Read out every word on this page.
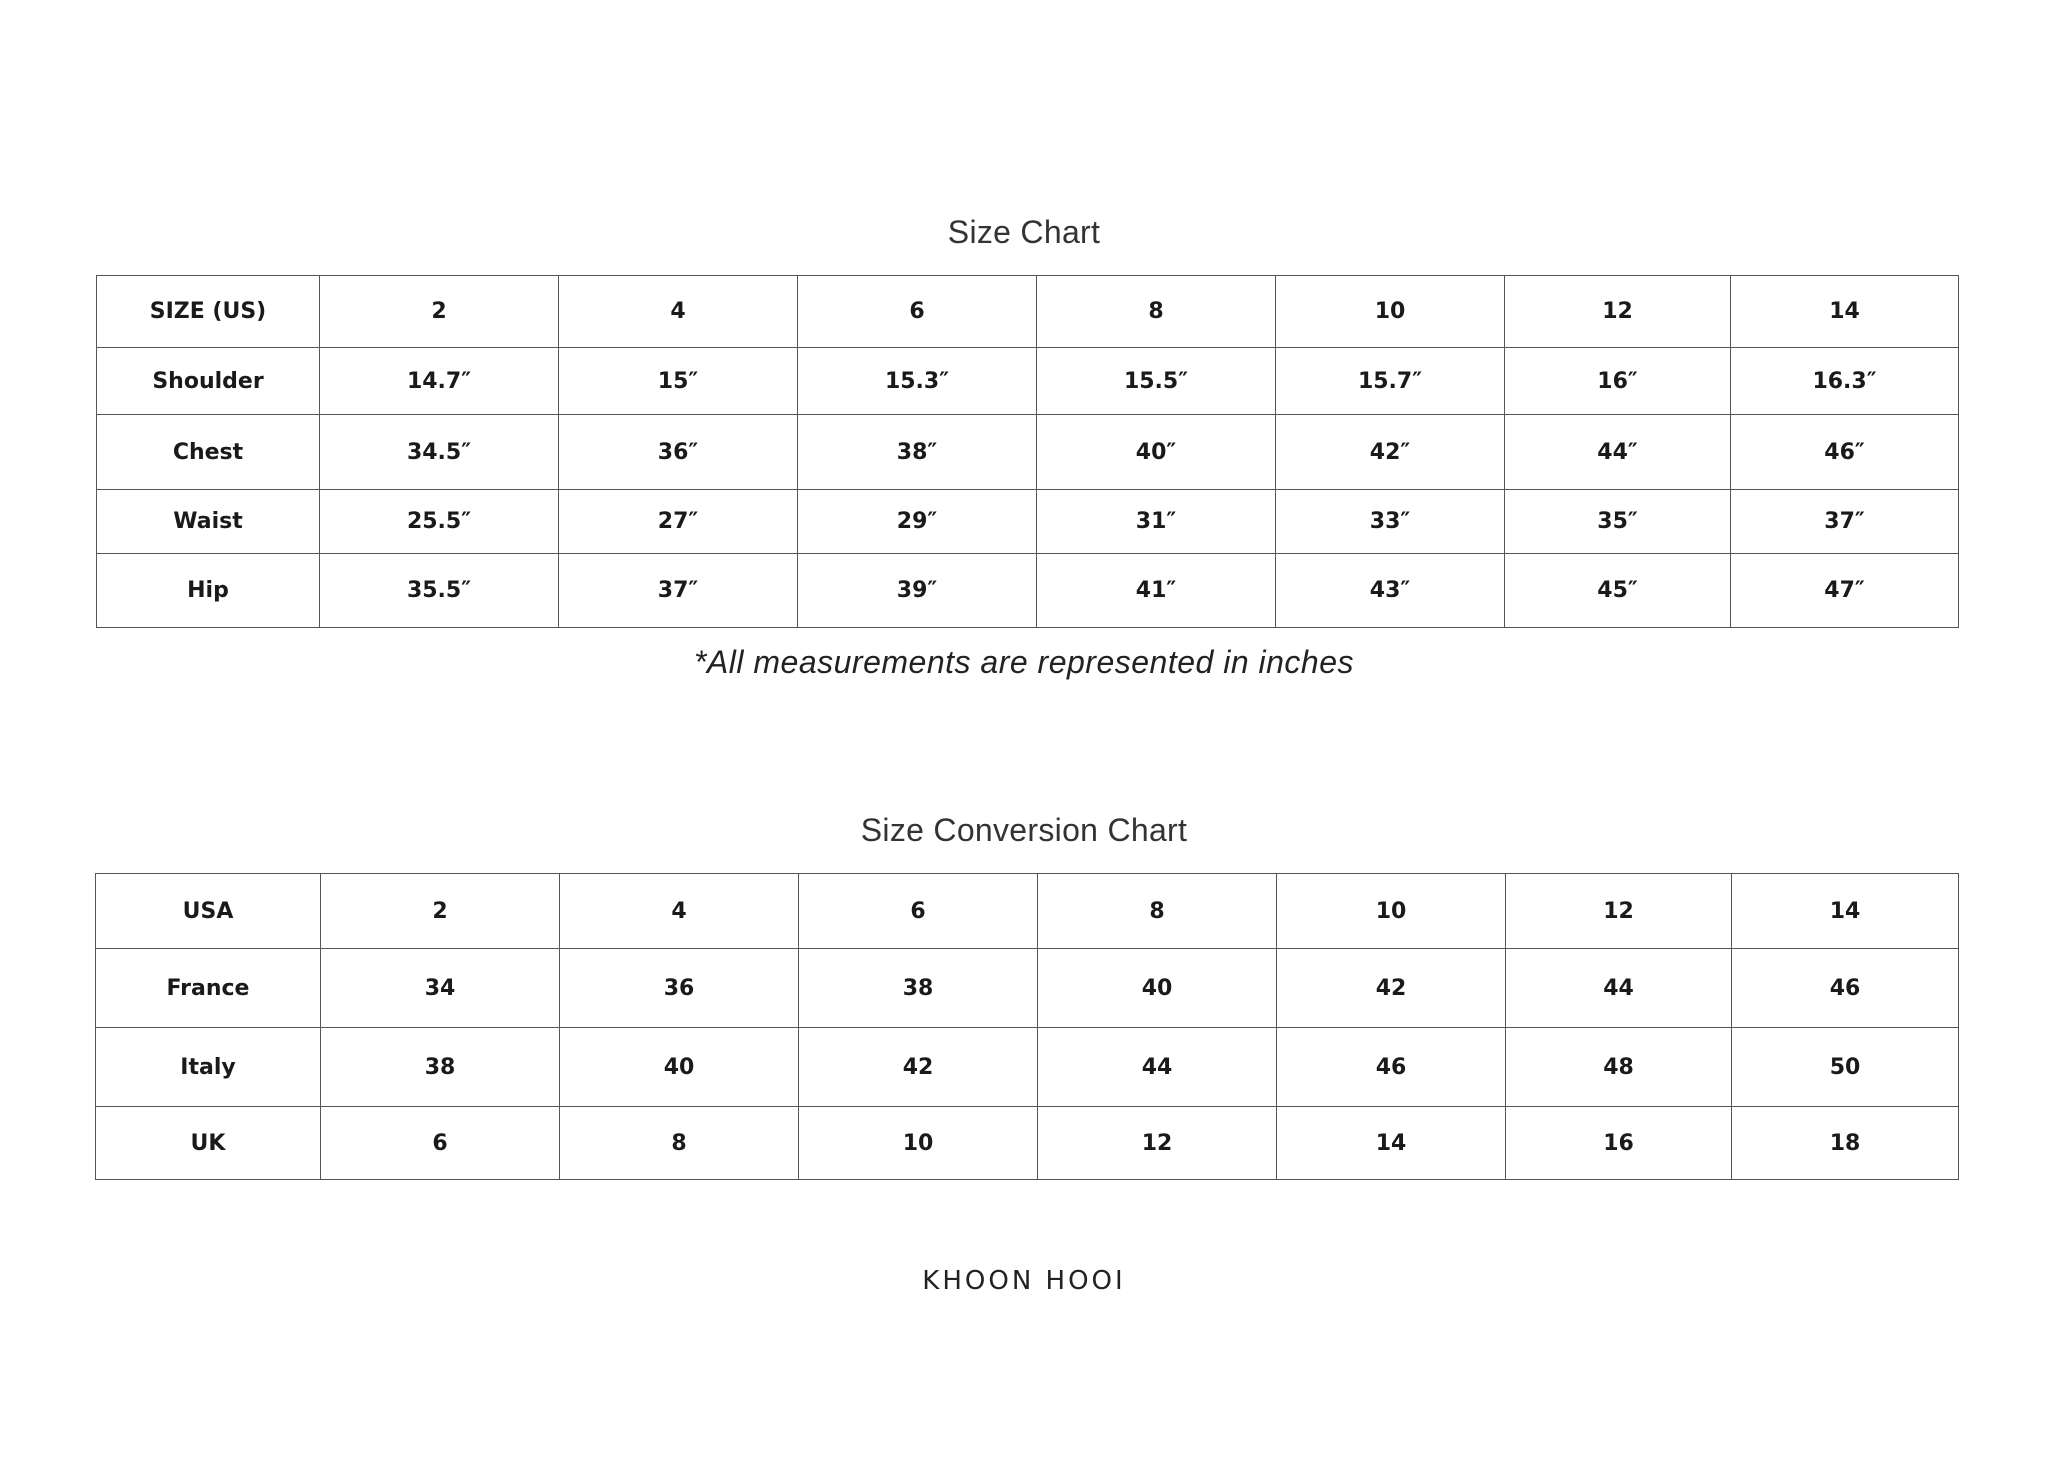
Size Chart
SIZE (US)	2	4	6	8	10	12	14
Shoulder	14.7″	15″	15.3″	15.5″	15.7″	16″	16.3″
Chest	34.5″	36″	38″	40″	42″	44″	46″
Waist	25.5″	27″	29″	31″	33″	35″	37″
Hip	35.5″	37″	39″	41″	43″	45″	47″
*All measurements are represented in inches
Size Conversion Chart
USA	2	4	6	8	10	12	14
France	34	36	38	40	42	44	46
Italy	38	40	42	44	46	48	50
UK	6	8	10	12	14	16	18
KHOON HOOI
